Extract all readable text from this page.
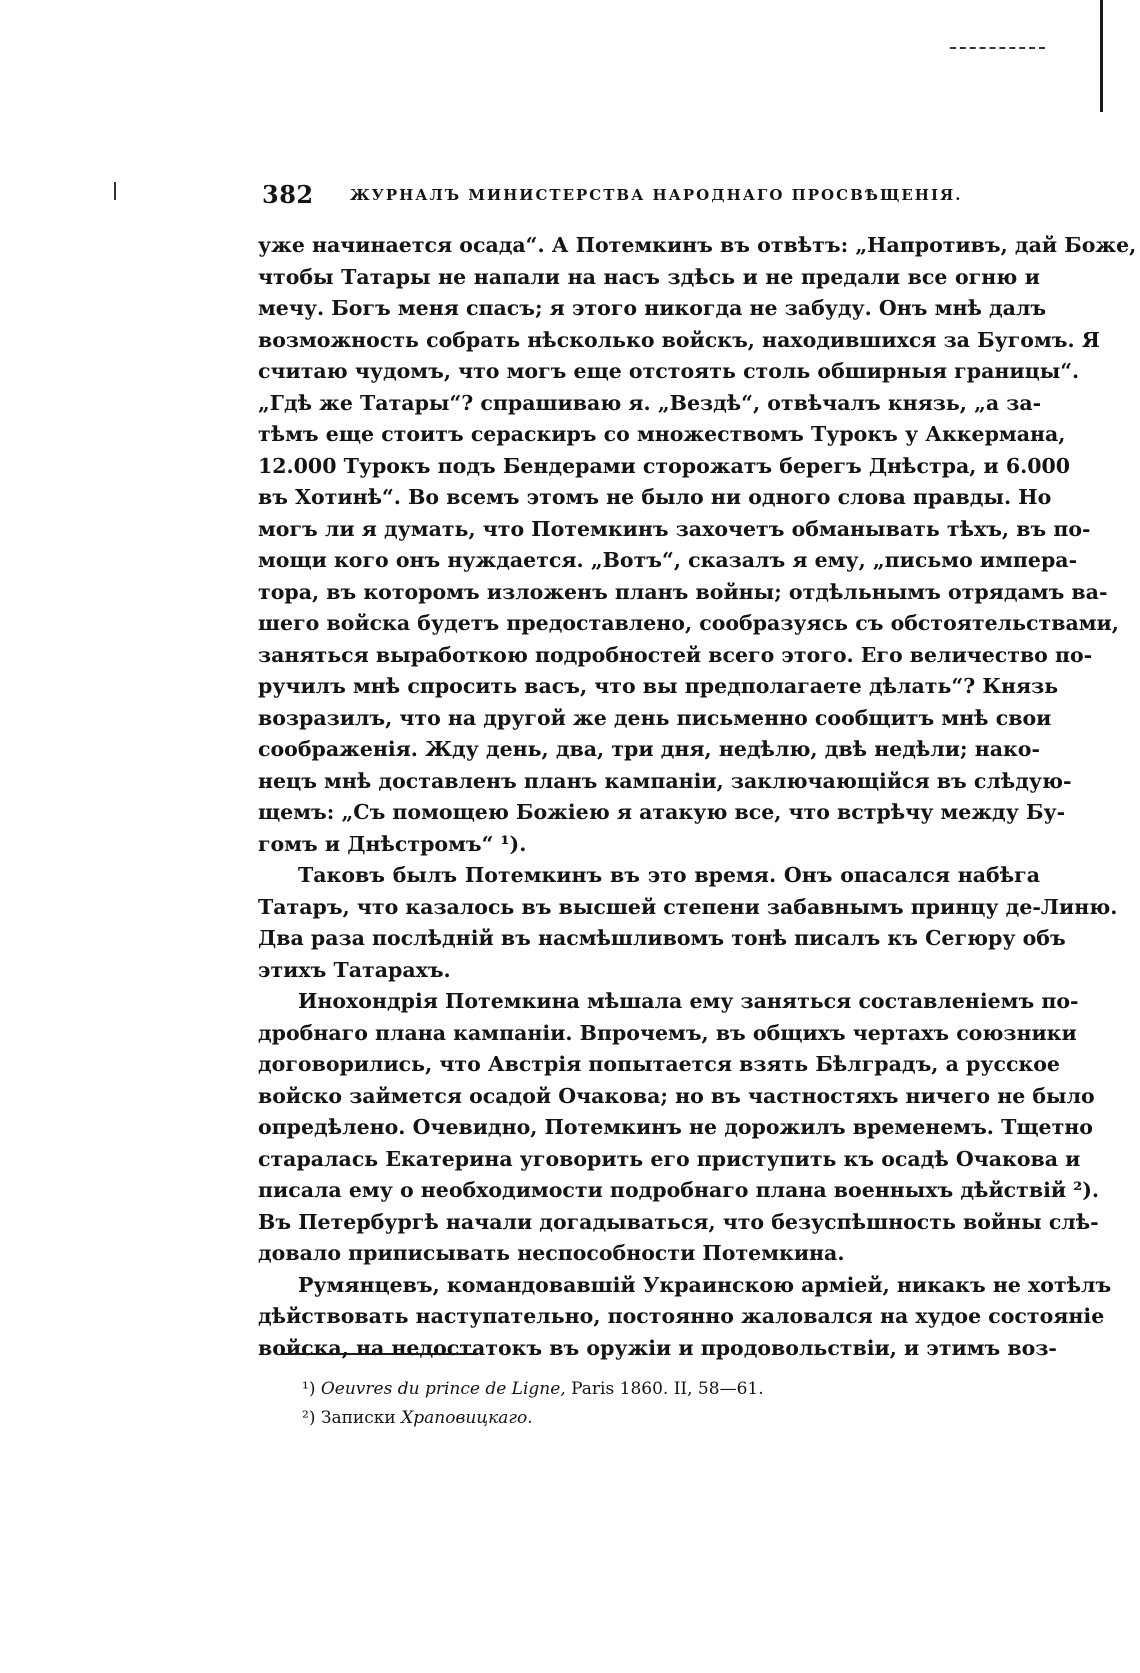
382 ЖУРНАЛЪ МИНИСТЕРСТВА НАРОДНАГО ПРОСВѢЩЕНІЯ.
уже начинается осада“. А Потемкинъ въ отвѣтъ: „Напротивъ, дай Боже,
чтобы Татары не напали на насъ здѣсь и не предали все огню и
мечу. Богъ меня спасъ; я этого никогда не забуду. Онъ мнѣ далъ
возможность собрать нѣсколько войскъ, находившихся за Бугомъ. Я
считаю чудомъ, что могъ еще отстоять столь обширныя границы“.
„Гдѣ же Татары“? спрашиваю я. „Вездѣ“, отвѣчалъ князь, „а за-
тѣмъ еще стоитъ сераскиръ со множествомъ Турокъ у Аккермана,
12.000 Турокъ подъ Бендерами сторожатъ берегъ Днѣстра, и 6.000
въ Хотинѣ“. Во всемъ этомъ не было ни одного слова правды. Но
могъ ли я думать, что Потемкинъ захочетъ обманывать тѣхъ, въ по-
мощи кого онъ нуждается. „Вотъ“, сказалъ я ему, „письмо импера-
тора, въ которомъ изложенъ планъ войны; отдѣльнымъ отрядамъ ва-
шего войска будетъ предоставлено, сообразуясь съ обстоятельствами,
заняться выработкою подробностей всего этого. Его величество по-
ручилъ мнѣ спросить васъ, что вы предполагаете дѣлать“? Князь
возразилъ, что на другой же день письменно сообщитъ мнѣ свои
соображенія. Жду день, два, три дня, недѣлю, двѣ недѣли; нако-
нецъ мнѣ доставленъ планъ кампаніи, заключающійся въ слѣдую-
щемъ: „Съ помощею Божіею я атакую все, что встрѣчу между Бу-
гомъ и Днѣстромъ“ ¹).
Таковъ былъ Потемкинъ въ это время. Онъ опасался набѣга
Татаръ, что казалось въ высшей степени забавнымъ принцу де-Линю.
Два раза послѣдній въ насмѣшливомъ тонѣ писалъ къ Сегюру объ
этихъ Татарахъ.
Инохондрія Потемкина мѣшала ему заняться составленіемъ по-
дробнаго плана кампаніи. Впрочемъ, въ общихъ чертахъ союзники
договорились, что Австрія попытается взять Бѣлградъ, а русское
войско займется осадой Очакова; но въ частностяхъ ничего не было
опредѣлено. Очевидно, Потемкинъ не дорожилъ временемъ. Тщетно
старалась Екатерина уговорить его приступить къ осадѣ Очакова и
писала ему о необходимости подробнаго плана военныхъ дѣйствій ²).
Въ Петербургѣ начали догадываться, что безуспѣшность войны слѣ-
довало приписывать неспособности Потемкина.
Румянцевъ, командовавшій Украинскою арміей, никакъ не хотѣлъ
дѣйствовать наступательно, постоянно жаловался на худое состояніе
войска, на недостатокъ въ оружіи и продовольствіи, и этимъ воз-
¹) Oeuvres du prince de Ligne, Paris 1860. II, 58—61.
²) Записки Храповицкаго.
